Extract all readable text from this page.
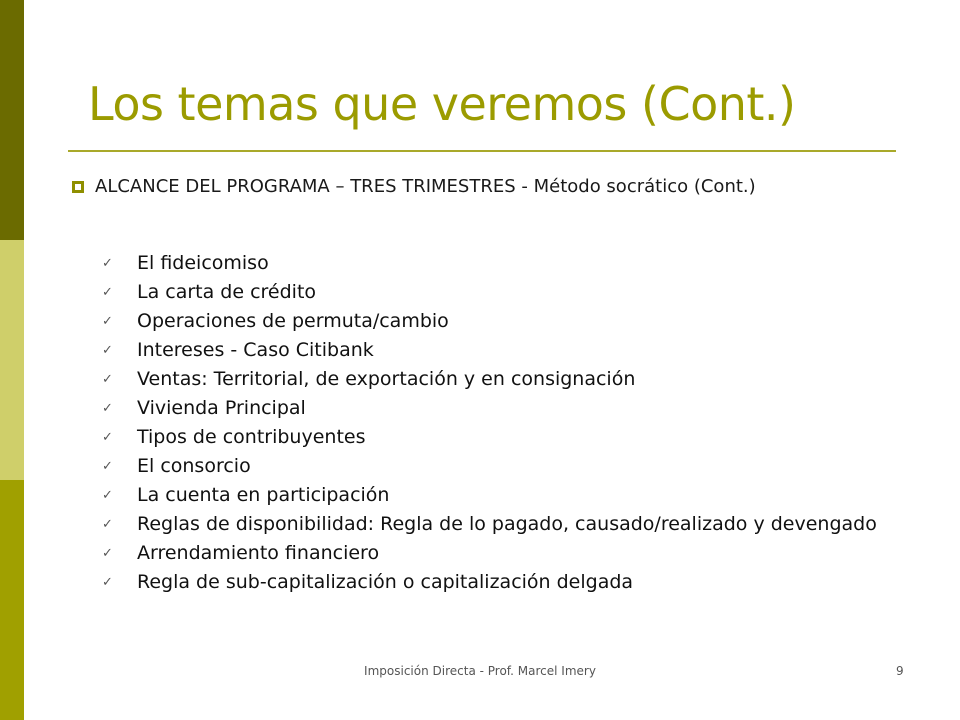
Los temas que veremos (Cont.)
ALCANCE DEL PROGRAMA – TRES TRIMESTRES - Método socrático (Cont.)
✓ El fideicomiso
✓ La carta de crédito
✓ Operaciones de permuta/cambio
✓ Intereses - Caso Citibank
✓ Ventas: Territorial, de exportación y en consignación
✓ Vivienda Principal
✓ Tipos de contribuyentes
✓ El consorcio
✓ La cuenta en participación
✓ Reglas de disponibilidad: Regla de lo pagado, causado/realizado y devengado
✓ Arrendamiento financiero
✓ Regla de sub-capitalización o capitalización delgada
Imposición Directa - Prof. Marcel Imery	9
